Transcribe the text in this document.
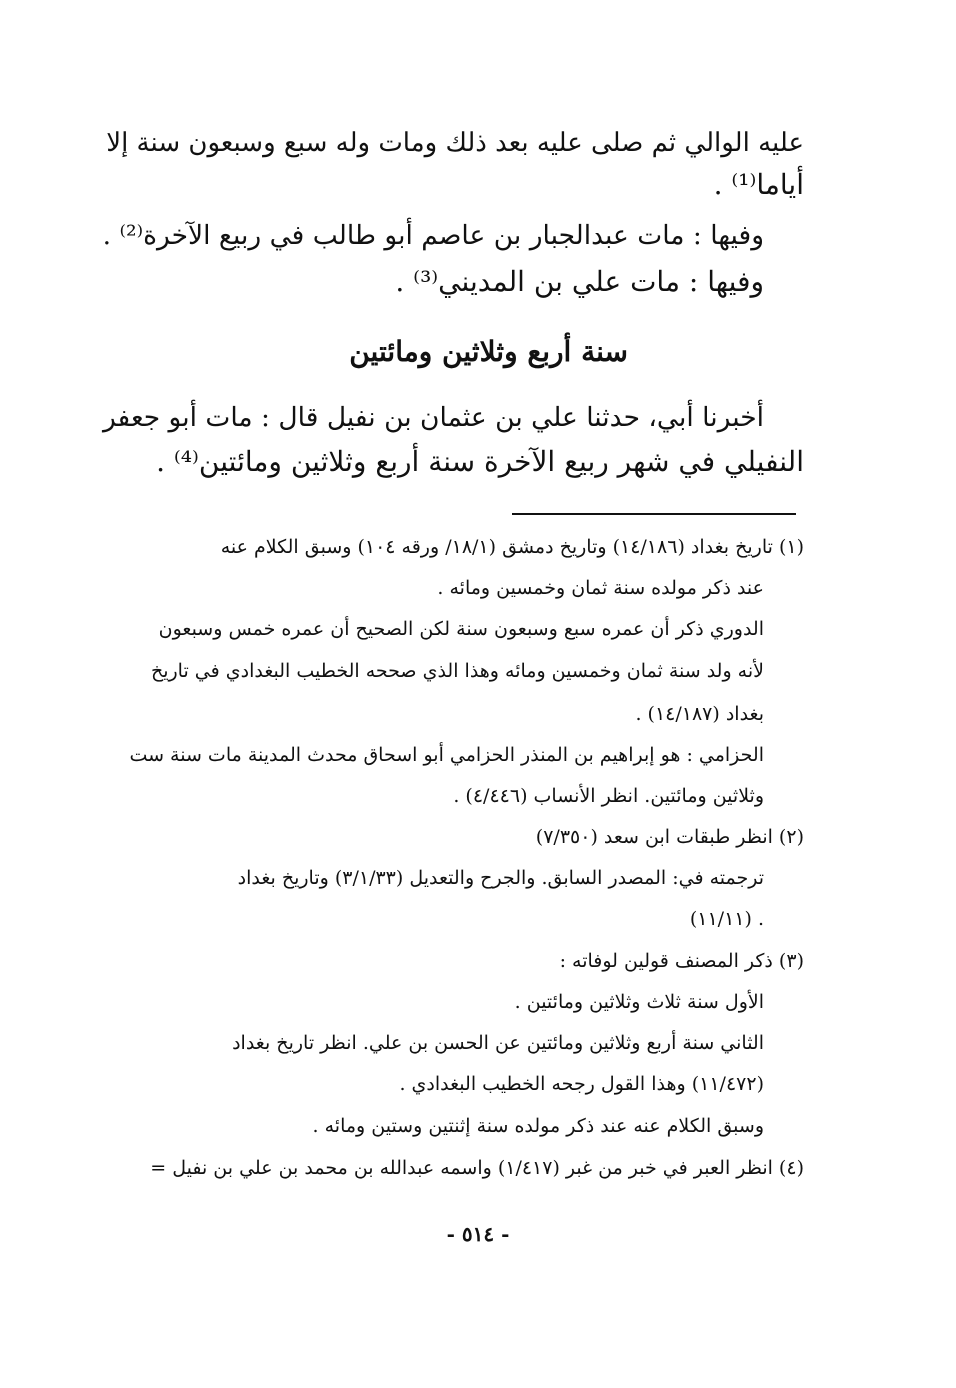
عليه الوالي ثم صلى عليه بعد ذلك ومات وله سبع وسبعون سنة إلا

أياما⁽¹⁾ .

وفيها : مات عبدالجبار بن عاصم أبو طالب في ربيع الآخرة⁽²⁾ .

وفيها : مات علي بن المديني⁽³⁾ .

سنة أربع وثلاثين ومائتين

أخبرنا أبي، حدثنا علي بن عثمان بن نفيل قال : مات أبو جعفر

النفيلي في شهر ربيع الآخرة سنة أربع وثلاثين ومائتين⁽⁴⁾ .

(١) تاريخ بغداد (١٤/١٨٦) وتاريخ دمشق (١٨/١/ ورقه ١٠٤) وسبق الكلام عنه

عند ذكر مولده سنة ثمان وخمسين ومائه .

الدوري ذكر أن عمره سبع وسبعون سنة لكن الصحيح أن عمره خمس وسبعون

لأنه ولد سنة ثمان وخمسين ومائه وهذا الذي صححه الخطيب البغدادي في تاريخ

بغداد (١٤/١٨٧) .

الحزامي : هو إبراهيم بن المنذر الحزامي أبو اسحاق محدث المدينة مات سنة ست

وثلاثين ومائتين. انظر الأنساب (٤/٤٤٦) .

(٢) انظر طبقات ابن سعد (٧/٣٥٠)

ترجمته في: المصدر السابق. والجرح والتعديل (٣/١/٣٣) وتاريخ بغداد

(١١/١١) .

(٣) ذكر المصنف قولين لوفاته :

الأول سنة ثلاث وثلاثين ومائتين .

الثاني سنة أربع وثلاثين ومائتين عن الحسن بن علي. انظر تاريخ بغداد

(١١/٤٧٢) وهذا القول رجحه الخطيب البغدادي .

وسبق الكلام عنه عند ذكر مولده سنة إثنتين وستين ومائه .

(٤) انظر العبر في خبر من غبر (١/٤١٧) واسمه عبدالله بن محمد بن علي بن نفيل =

- ٥١٤ -
